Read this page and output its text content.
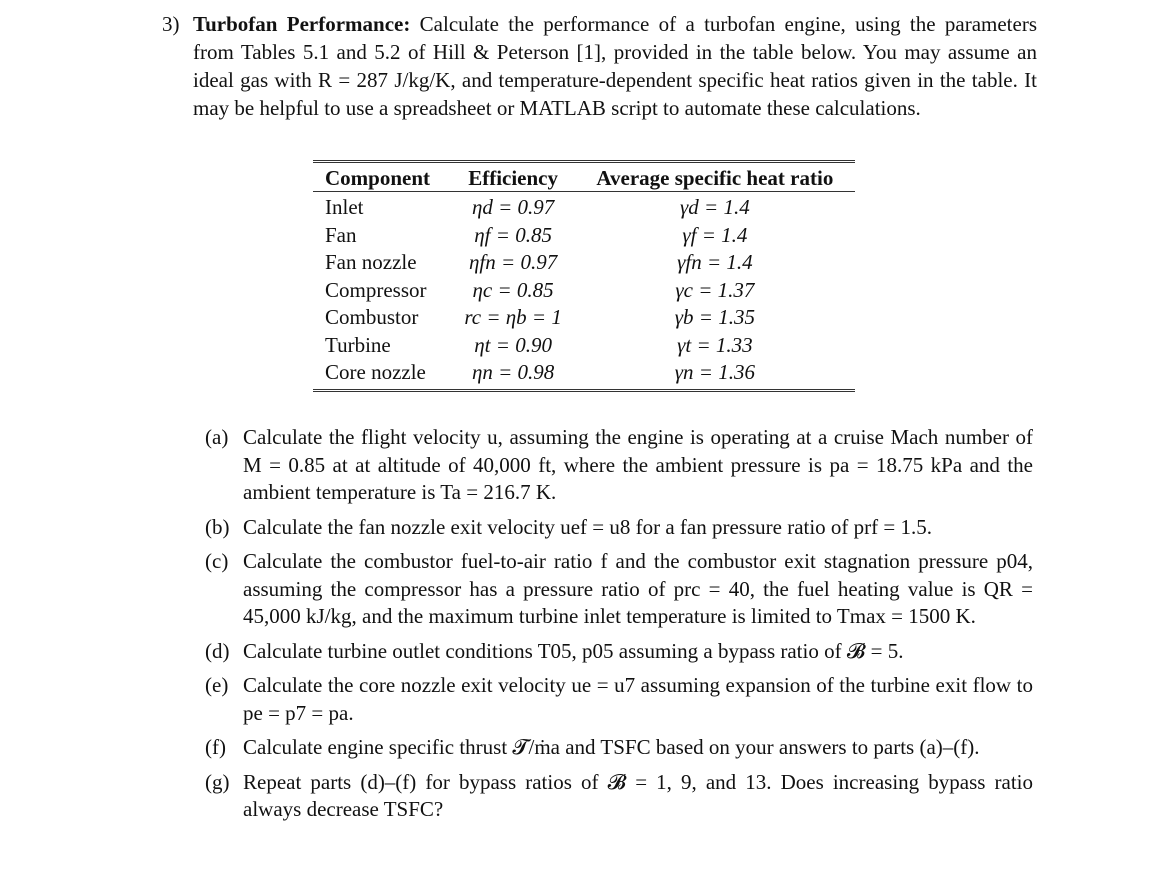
3) Turbofan Performance: Calculate the performance of a turbofan engine, using the parameters from Tables 5.1 and 5.2 of Hill & Peterson [1], provided in the table below. You may assume an ideal gas with R = 287 J/kg/K, and temperature-dependent specific heat ratios given in the table. It may be helpful to use a spreadsheet or MATLAB script to automate these calculations.
Component	Efficiency	Average specific heat ratio
Inlet	ηd = 0.97	γd = 1.4
Fan	ηf = 0.85	γf = 1.4
Fan nozzle	ηfn = 0.97	γfn = 1.4
Compressor	ηc = 0.85	γc = 1.37
Combustor	rc = ηb = 1	γb = 1.35
Turbine	ηt = 0.90	γt = 1.33
Core nozzle	ηn = 0.98	γn = 1.36
(a) Calculate the flight velocity u, assuming the engine is operating at a cruise Mach number of M = 0.85 at at altitude of 40,000 ft, where the ambient pressure is pa = 18.75 kPa and the ambient temperature is Ta = 216.7 K.
(b) Calculate the fan nozzle exit velocity uef = u8 for a fan pressure ratio of prf = 1.5.
(c) Calculate the combustor fuel-to-air ratio f and the combustor exit stagnation pressure p04, assuming the compressor has a pressure ratio of prc = 40, the fuel heating value is QR = 45,000 kJ/kg, and the maximum turbine inlet temperature is limited to Tmax = 1500 K.
(d) Calculate turbine outlet conditions T05, p05 assuming a bypass ratio of 𝓑 = 5.
(e) Calculate the core nozzle exit velocity ue = u7 assuming expansion of the turbine exit flow to pe = p7 = pa.
(f) Calculate engine specific thrust 𝓣/ṁa and TSFC based on your answers to parts (a)–(f).
(g) Repeat parts (d)–(f) for bypass ratios of 𝓑 = 1, 9, and 13. Does increasing bypass ratio always decrease TSFC?
